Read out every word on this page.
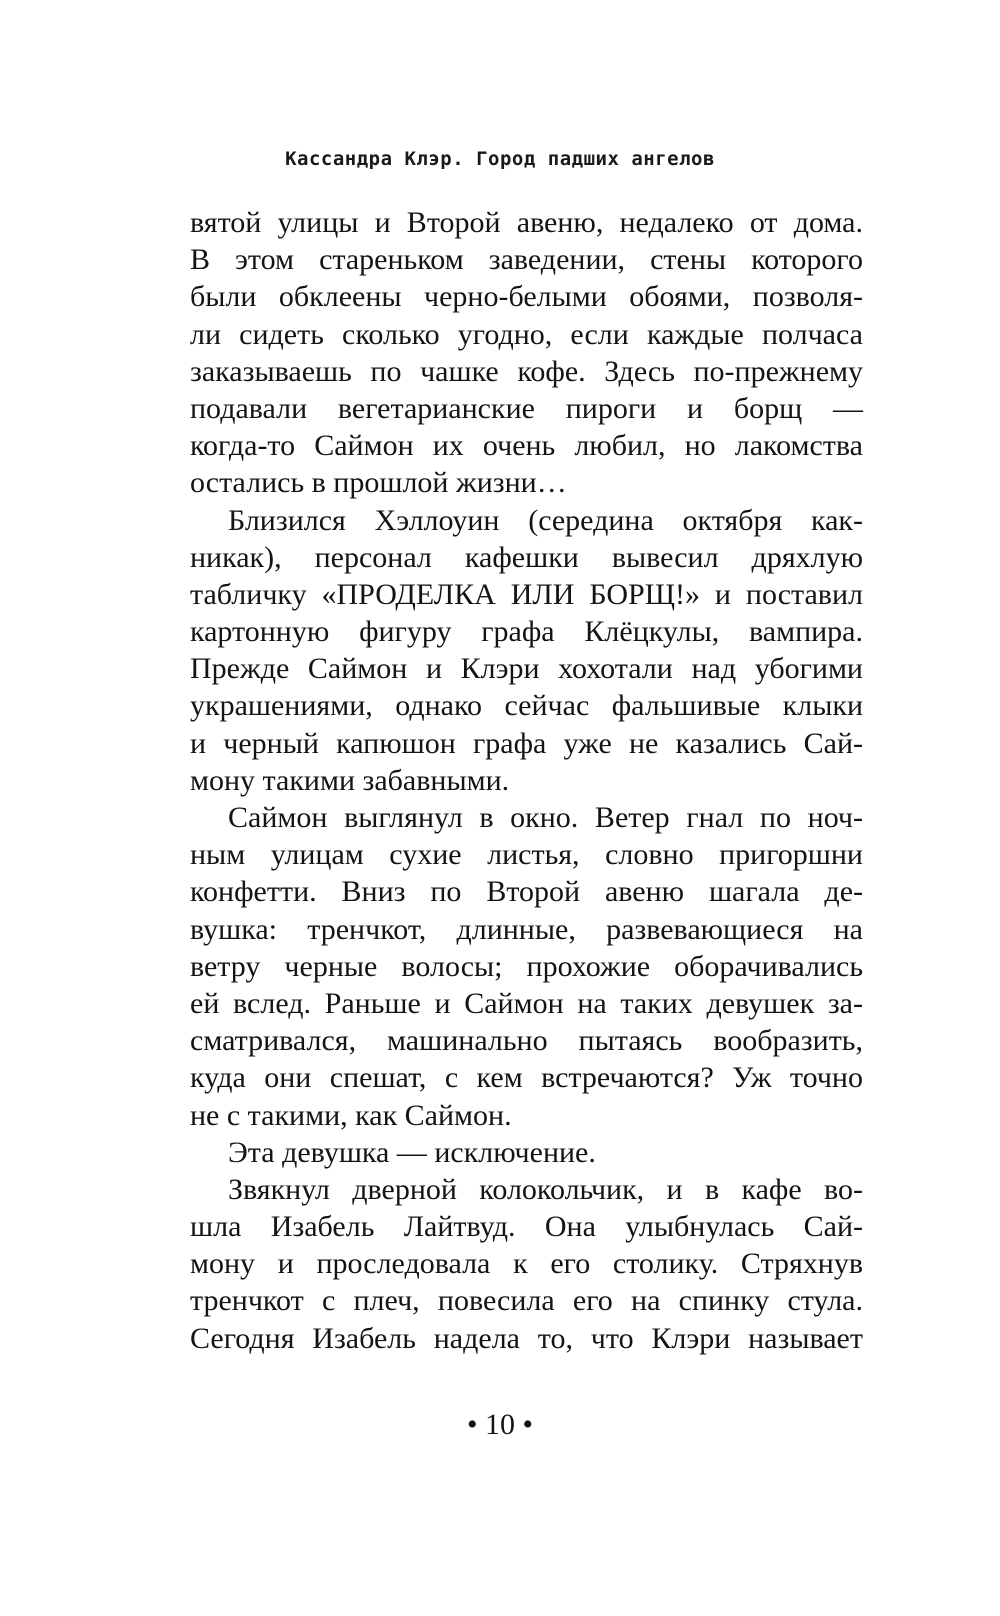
Кассандра Клэр. Город падших ангелов
вятой улицы и Второй авеню, недалеко от дома.
В этом стареньком заведении, стены которого
были обклеены черно-белыми обоями, позволя-
ли сидеть сколько угодно, если каждые полчаса
заказываешь по чашке кофе. Здесь по-прежнему
подавали вегетарианские пироги и борщ —
когда-то Саймон их очень любил, но лакомства
остались в прошлой жизни…
Близился Хэллоуин (середина октября как-
никак), персонал кафешки вывесил дряхлую
табличку «ПРОДЕЛКА ИЛИ БОРЩ!» и поставил
картонную фигуру графа Клёцкулы, вампира.
Прежде Саймон и Клэри хохотали над убогими
украшениями, однако сейчас фальшивые клыки
и черный капюшон графа уже не казались Сай-
мону такими забавными.
Саймон выглянул в окно. Ветер гнал по ноч-
ным улицам сухие листья, словно пригоршни
конфетти. Вниз по Второй авеню шагала де-
вушка: тренчкот, длинные, развевающиеся на
ветру черные волосы; прохожие оборачивались
ей вслед. Раньше и Саймон на таких девушек за-
сматривался, машинально пытаясь вообразить,
куда они спешат, с кем встречаются? Уж точно
не с такими, как Саймон.
Эта девушка — исключение.
Звякнул дверной колокольчик, и в кафе во-
шла Изабель Лайтвуд. Она улыбнулась Сай-
мону и проследовала к его столику. Стряхнув
тренчкот с плеч, повесила его на спинку стула.
Сегодня Изабель надела то, что Клэри называет
• 10 •
